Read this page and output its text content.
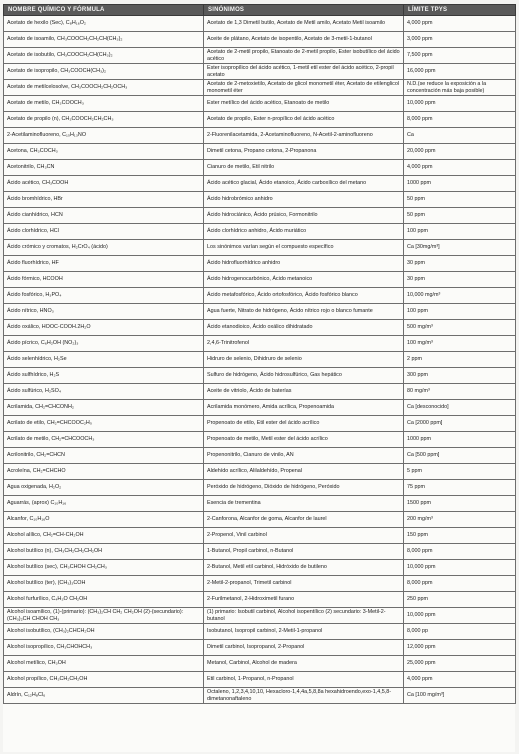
NOMBRE QUÍMICO Y FÓRMULA	SINÓNIMOS	LÍMITE TPYS
Acetato de hexilo (Sec), C₈H₁₆O₂	Acetato de 1,3 Dimetil butilo, Acetato de Metil amilo, Acetato Metil isoamilo	4,000 ppm
Acetato de isoamilo, CH₃COOCH₂CH₂CH(CH₃)₂	Aceite de plátano, Acetato de isopentilo, Acetato de 3-metil-1-butanol	3,000 ppm
Acetato de isobutilo, CH₃COOCH₂CH(CH₃)₂	Acetato de 2-metil propilo, Etanoato de 2-metil propilo, Ester isobutílico del ácido acético	7,500 ppm
Acetato de isopropilo, CH₃COOCH(CH₃)₂	Ester isopropílico del ácido acético, 1-metil etil ester del ácido acético, 2-propil acetato	16,000 ppm
Acetato de metilcelosolve, CH₃COOCH₂CH₂OCH₃	Acetato de 2-metoxietilo, Acetato de glicol monometil éter, Acetato de etilenglicol monometil éter	N.D.(se reduce la exposición a la concentración más baja posible)
Acetato de metilo, CH₃COOCH₃	Ester metílico del ácido acético, Etanoato de metilo	10,000 ppm
Acetato de propilo (n), CH₃COOCH₂CH₂CH₃	Acetato de propilo, Ester n-propílico del ácido acético	8,000 ppm
2-Acetilaminofluoreno, C₁₅H₁₃NO	2-Fluorenilacetamida, 2-Acetaminofluoreno, N-Acetil-2-aminofluoreno	Ca
Acetona, CH₃COCH₃	Dimetil cetona, Propano cetona, 2-Propanona	20,000 ppm
Acetonitrilo, CH₃CN	Cianuro de metilo, Etil nitrilo	4,000 ppm
Ácido acético, CH₃COOH	Ácido acético glacial, Ácido etanoico, Ácido carboxílico del metano	1000 ppm
Ácido bromhídrico, HBr	Ácido hidrobrómico anhidro	50 ppm
Ácido cianhídrico, HCN	Ácido hidrociánico, Ácido prúsico, Formonitrilo	50 ppm
Ácido clorhídrico, HCl	Ácido clorhídrico anhidro, Ácido muriático	100 ppm
Ácido crómico y cromatos, H₂CrO₄ (ácido)	Los sinónimos varían según el compuesto específico	Ca [30mg/m³]
Ácido fluorhídrico, HF	Ácido hidrofluorhídrico anhidro	30 ppm
Ácido fórmico, HCOOH	Ácido hidrogenocarbónico, Ácido metanoico	30 ppm
Ácido fosfórico, H₃PO₄	Ácido metafosfórico, Ácido ortofosfórico, Ácido fosfórico blanco	10,000 mg/m³
Ácido nítrico, HNO₃	Agua fuerte, Nitrato de hidrógeno, Ácido nítrico rojo o blanco fumante	100 ppm
Ácido oxálico, HOOC-COOH.2H₂O	Ácido etanodioico, Ácido oxálico dihidratado	500 mg/m³
Ácido pícrico, C₆H₂OH (NO₂)₃	2,4,6-Trinitrofenol	100 mg/m³
Ácido selenhídrico, H₂Se	Hidruro de selenio, Dihidruro de selenio	2 ppm
Ácido sulfhídrico, H₂S	Sulfuro de hidrógeno, Ácido hidrosulfúrico, Gas hepático	300 ppm
Ácido sulfúrico, H₂SO₄	Aceite de vitriolo, Ácido de baterías	80 mg/m³
Acrilamida, CH₂=CHCONH₂	Acrilamida monómero, Amida acrílica, Propenoamida	Ca [desconocido]
Acrilato de etilo, CH₂=CHCOOC₂H₅	Propenoato de etilo, Etil ester del ácido acrílico	Ca [2000 ppm]
Acrilato de metilo, CH₂=CHCOOCH₃	Propenoato de metilo, Metil ester del ácido acrílico	1000 ppm
Acrilonitrilo, CH₂=CHCN	Propenonitrilo, Cianuro de vinilo, AN	Ca [500 ppm]
Acroleína, CH₂=CHCHO	Aldehído acrílico, Alilaldehído, Propenal	5 ppm
Agua oxigenada, H₂O₂	Peróxido de hidrógeno, Dióxido de hidrógeno, Peróxido	75 ppm
Aguarrás, (aprox) C₁₀H₁₆	Esencia de trementina	1500 ppm
Alcanfor, C₁₀H₁₆O	2-Canforona, Alcanfor de goma, Alcanfor de laurel	200 mg/m³
Alcohol alílico, CH₂=CH-CH₂OH	2-Propenol, Vinil carbinol	150 ppm
Alcohol butílico (n), CH₃CH₂CH₂CH₂OH	1-Butanol, Propil carbinol, n-Butanol	8,000 ppm
Alcohol butílico (sec), CH₃CHOH CH₂CH₃	2-Butanol, Metil etil carbinol, Hidróxido de butileno	10,000 ppm
Alcohol butílico (ter), (CH₃)₃COH	2-Metil-2-propanol, Trimetil carbinol	8,000 ppm
Alcohol furfurílico, C₄H₃O CH₂OH	2-Furilmetanol, 2-Hidroximetil furano	250 ppm
Alcohol isoamílico, (1)-(primario): (CH₃)₂CH CH₂ CH₂OH (2)-(secundario): (CH₃)₂CH CHOH CH₃	(1) primario: Isobutil carbinol, Alcohol isopentílico (2) secundario: 3-Metil-2-butanol	10,000 ppm
Alcohol isobutílico, (CH₃)₂CHCH₂OH	Isobutanol, Isopropil carbinol, 2-Metil-1-propanol	8,000 pp
Alcohol isopropílico, CH₃CHOHCH₃	Dimetil carbinol, Isopropanol, 2-Propanol	12,000 ppm
Alcohol metílico, CH₃OH	Metanol, Carbinol, Alcohol de madera	25,000 ppm
Alcohol propílico, CH₃CH₂CH₂OH	Etil carbinol, 1-Propanol, n-Propanol	4,000 ppm
Aldrín, C₁₂H₈Cl₆	Octaleno, 1,2,3,4,10,10, Hexacloro-1,4,4a,5,8,8a hexahidroendo,exo-1,4,5,8-dimetanonaftaleno	Ca [100 mg/m³]
